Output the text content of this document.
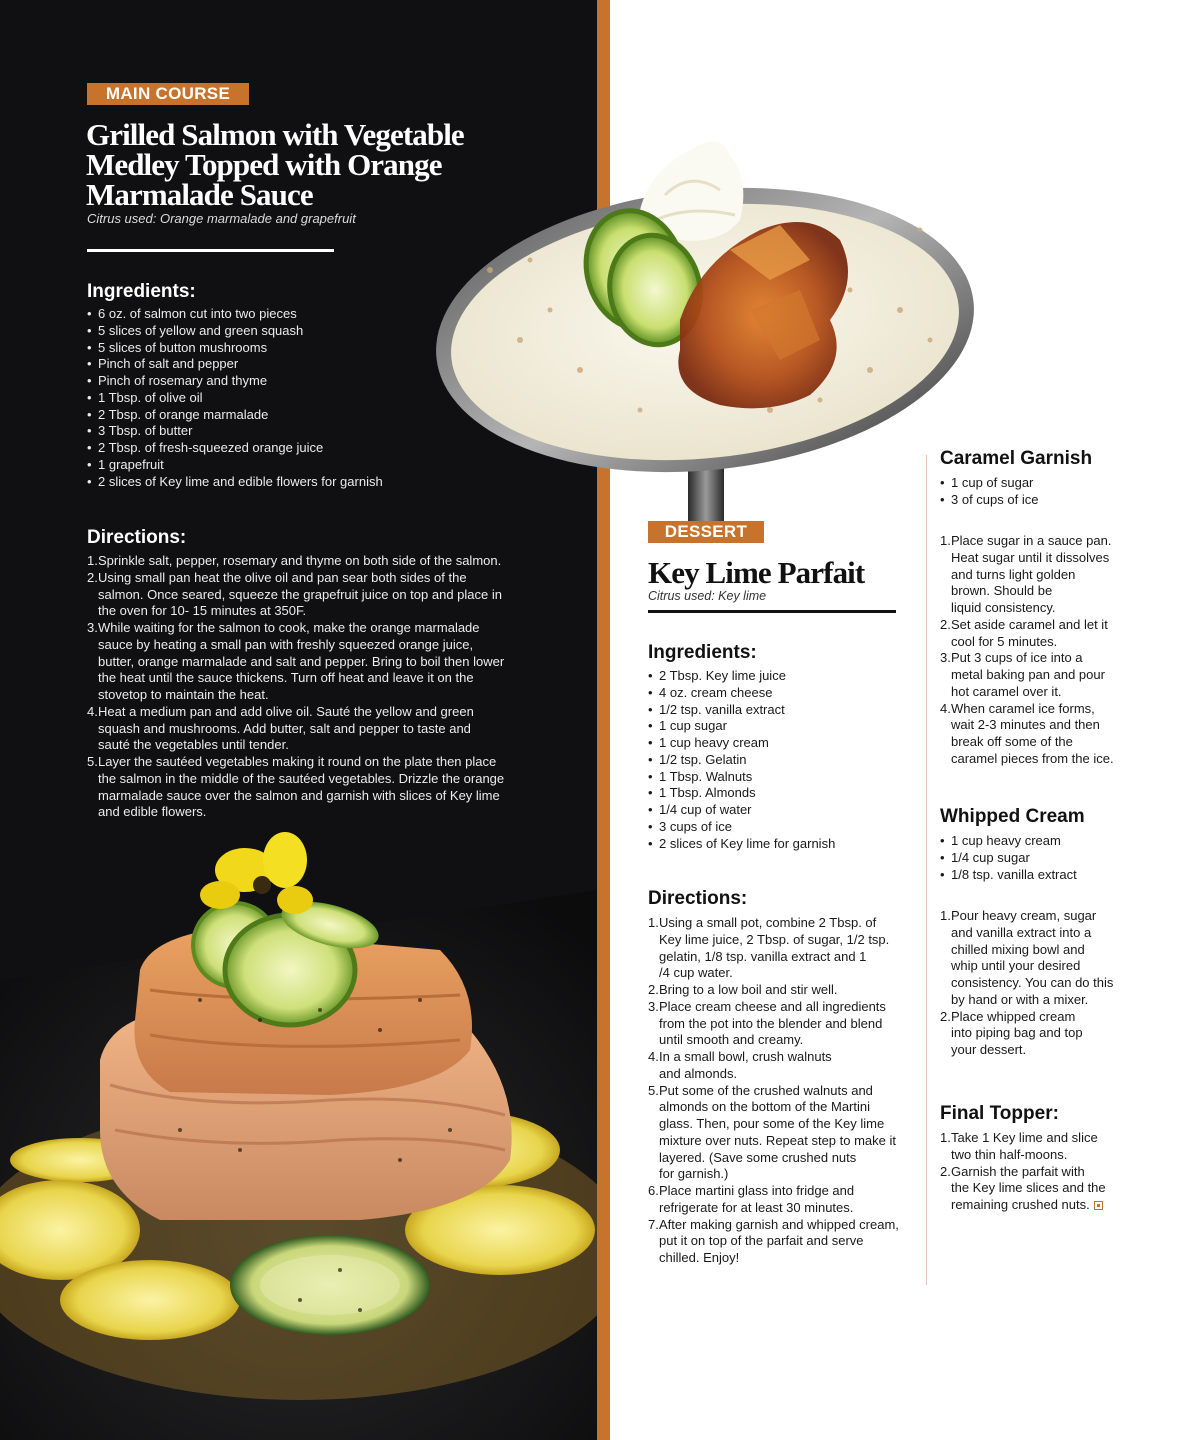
MAIN COURSE
Grilled Salmon with Vegetable
Medley Topped with Orange
Marmalade Sauce
Citrus used: Orange marmalade and grapefruit
Ingredients:
• 6 oz. of salmon cut into two pieces
• 5 slices of yellow and green squash
• 5 slices of button mushrooms
• Pinch of salt and pepper
• Pinch of rosemary and thyme
• 1 Tbsp. of olive oil
• 2 Tbsp. of orange marmalade
• 3 Tbsp. of butter
• 2 Tbsp. of fresh-squeezed orange juice
• 1 grapefruit
• 2 slices of Key lime and edible flowers for garnish
Directions:
1. Sprinkle salt, pepper, rosemary and thyme on both side of the salmon.
2. Using small pan heat the olive oil and pan sear both sides of the
salmon. Once seared, squeeze the grapefruit juice on top and place in
the oven for 10- 15 minutes at 350F.
3. While waiting for the salmon to cook, make the orange marmalade
sauce by heating a small pan with freshly squeezed orange juice,
butter, orange marmalade and salt and pepper. Bring to boil then lower
the heat until the sauce thickens. Turn off heat and leave it on the
stovetop to maintain the heat.
4. Heat a medium pan and add olive oil. Sauté the yellow and green
squash and mushrooms. Add butter, salt and pepper to taste and
sauté the vegetables until tender.
5. Layer the sautéed vegetables making it round on the plate then place
the salmon in the middle of the sautéed vegetables. Drizzle the orange
marmalade sauce over the salmon and garnish with slices of Key lime
and edible flowers.
DESSERT
Key Lime Parfait
Citrus used: Key lime
Ingredients:
• 2 Tbsp. Key lime juice
• 4 oz. cream cheese
• 1/2 tsp. vanilla extract
• 1 cup sugar
• 1 cup heavy cream
• 1/2 tsp. Gelatin
• 1 Tbsp. Walnuts
• 1 Tbsp. Almonds
• 1/4 cup of water
• 3 cups of ice
• 2 slices of Key lime for garnish
Directions:
1. Using a small pot, combine 2 Tbsp. of
Key lime juice, 2 Tbsp. of sugar, 1/2 tsp.
gelatin, 1/8 tsp. vanilla extract and 1
/4 cup water.
2. Bring to a low boil and stir well.
3. Place cream cheese and all ingredients
from the pot into the blender and blend
until smooth and creamy.
4. In a small bowl, crush walnuts
and almonds.
5. Put some of the crushed walnuts and
almonds on the bottom of the Martini
glass. Then, pour some of the Key lime
mixture over nuts. Repeat step to make it
layered. (Save some crushed nuts
for garnish.)
6. Place martini glass into fridge and
refrigerate for at least 30 minutes.
7. After making garnish and whipped cream,
put it on top of the parfait and serve
chilled. Enjoy!
Caramel Garnish
• 1 cup of sugar
• 3 of cups of ice
1. Place sugar in a sauce pan.
Heat sugar until it dissolves
and turns light golden
brown. Should be
liquid consistency.
2. Set aside caramel and let it
cool for 5 minutes.
3. Put 3 cups of ice into a
metal baking pan and pour
hot caramel over it.
4. When caramel ice forms,
wait 2-3 minutes and then
break off some of the
caramel pieces from the ice.
Whipped Cream
• 1 cup heavy cream
• 1/4 cup sugar
• 1/8 tsp. vanilla extract
1. Pour heavy cream, sugar
and vanilla extract into a
chilled mixing bowl and
whip until your desired
consistency. You can do this
by hand or with a mixer.
2. Place whipped cream
into piping bag and top
your dessert.
Final Topper:
1. Take 1 Key lime and slice
two thin half-moons.
2. Garnish the parfait with
the Key lime slices and the
remaining crushed nuts.
